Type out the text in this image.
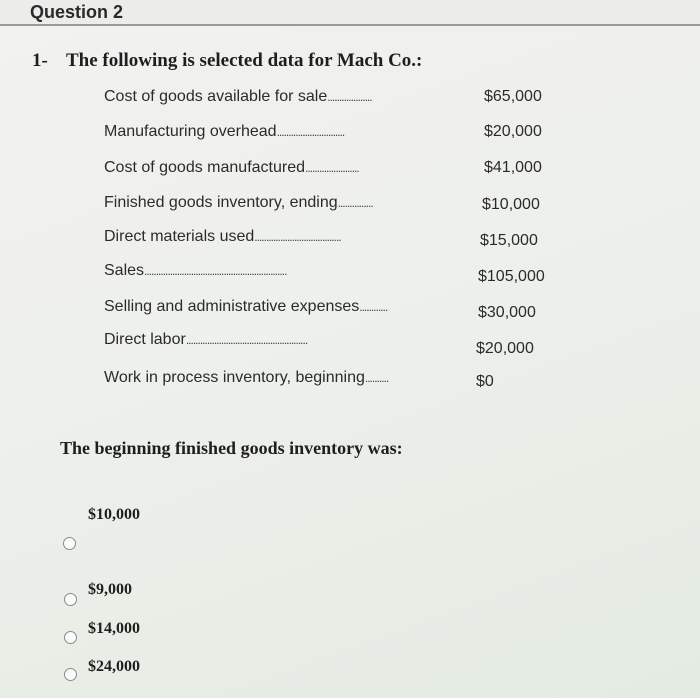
Question 2
1- The following is selected data for Mach Co.:
Cost of goods available for sale...................	$65,000
Manufacturing overhead.............................	$20,000
Cost of goods manufactured.......................	$41,000
Finished goods inventory, ending...............	$10,000
Direct materials used.....................................	$15,000
Sales.............................................................	$105,000
Selling and administrative expenses............	$30,000
Direct labor....................................................	$20,000
Work in process inventory, beginning..........	$0
The beginning finished goods inventory was:
$10,000
$9,000
$14,000
$24,000
